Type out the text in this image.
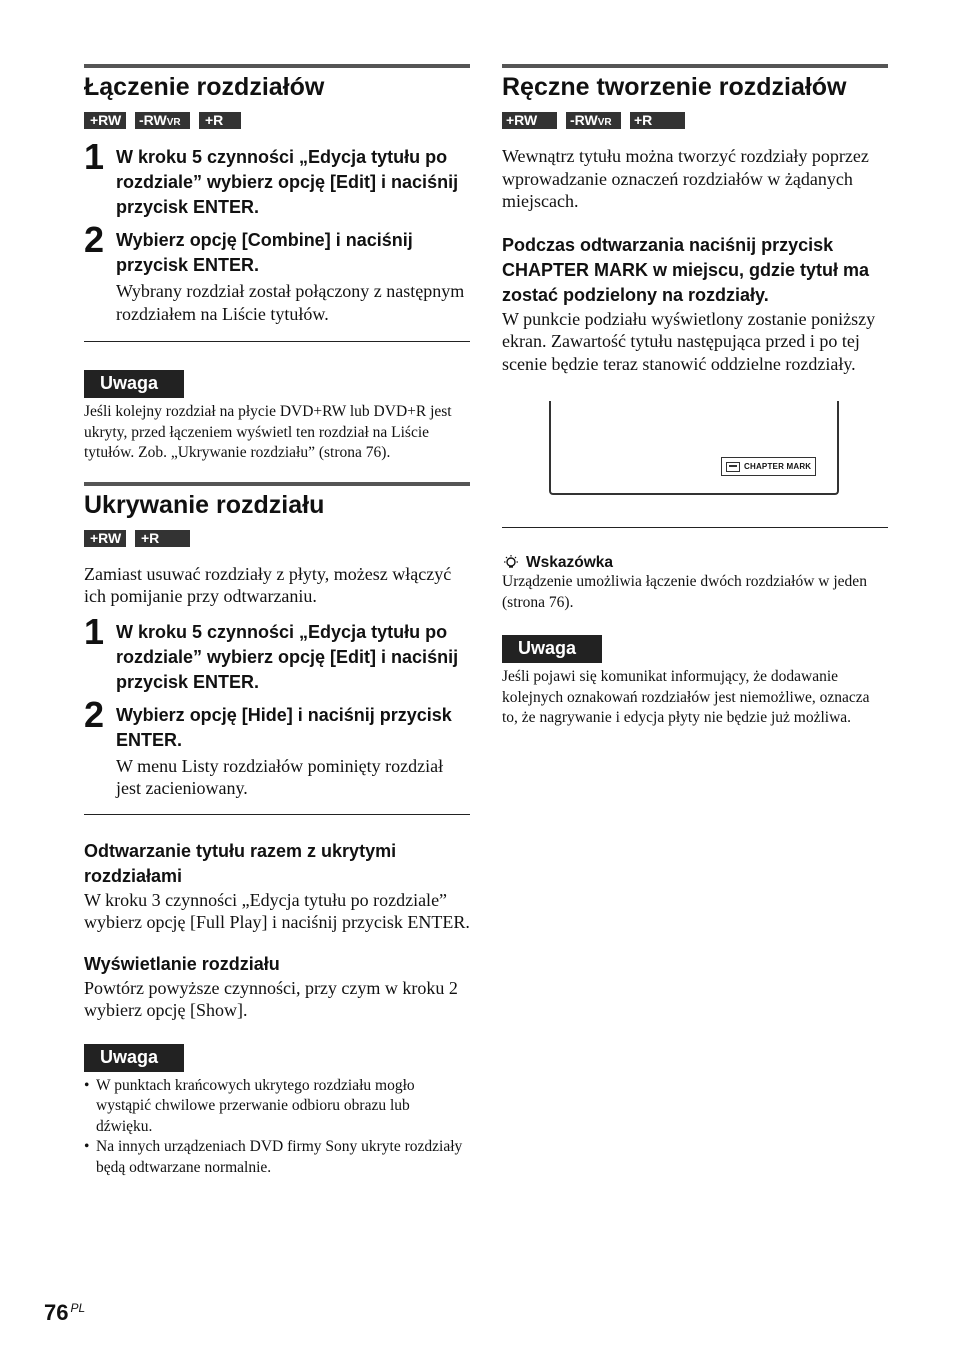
Łączenie rozdziałów
+RW	-RWVR	+R
1 W kroku 5 czynności „Edycja tytułu po rozdziale” wybierz opcję [Edit] i naciśnij przycisk ENTER.

2 Wybierz opcję [Combine] i naciśnij przycisk ENTER.

Wybrany rozdział został połączony z następnym rozdziałem na Liście tytułów.

Uwaga

Jeśli kolejny rozdział na płycie DVD+RW lub DVD+R jest ukryty, przed łączeniem wyświetl ten rozdział na Liście tytułów. Zob. „Ukrywanie rozdziału” (strona 76).

Ukrywanie rozdziału
+RW	+R

Zamiast usuwać rozdziały z płyty, możesz włączyć ich pomijanie przy odtwarzaniu.

1 W kroku 5 czynności „Edycja tytułu po rozdziale” wybierz opcję [Edit] i naciśnij przycisk ENTER.

2 Wybierz opcję [Hide] i naciśnij przycisk ENTER.

W menu Listy rozdziałów pominięty rozdział jest zacieniowany.

Odtwarzanie tytułu razem z ukrytymi rozdziałami

W kroku 3 czynności „Edycja tytułu po rozdziale” wybierz opcję [Full Play] i naciśnij przycisk ENTER.

Wyświetlanie rozdziału

Powtórz powyższe czynności, przy czym w kroku 2 wybierz opcję [Show].

Uwaga
• W punktach krańcowych ukrytego rozdziału mogło wystąpić chwilowe przerwanie odbioru obrazu lub dźwięku.
• Na innych urządzeniach DVD firmy Sony ukryte rozdziały będą odtwarzane normalnie.
Ręczne tworzenie rozdziałów
+RW	-RWVR	+R

Wewnątrz tytułu można tworzyć rozdziały poprzez wprowadzanie oznaczeń rozdziałów w żądanych miejscach.

Podczas odtwarzania naciśnij przycisk CHAPTER MARK w miejscu, gdzie tytuł ma zostać podzielony na rozdziały.

W punkcie podziału wyświetlony zostanie poniższy ekran. Zawartość tytułu następująca przed i po tej scenie będzie teraz stanowić oddzielne rozdziały.

CHAPTER MARK
Wskazówka

Urządzenie umożliwia łączenie dwóch rozdziałów w jeden (strona 76).

Uwaga

Jeśli pojawi się komunikat informujący, że dodawanie kolejnych oznakowań rozdziałów jest niemożliwe, oznacza to, że nagrywanie i edycja płyty nie będzie już możliwa.

76 $^{PL}$
